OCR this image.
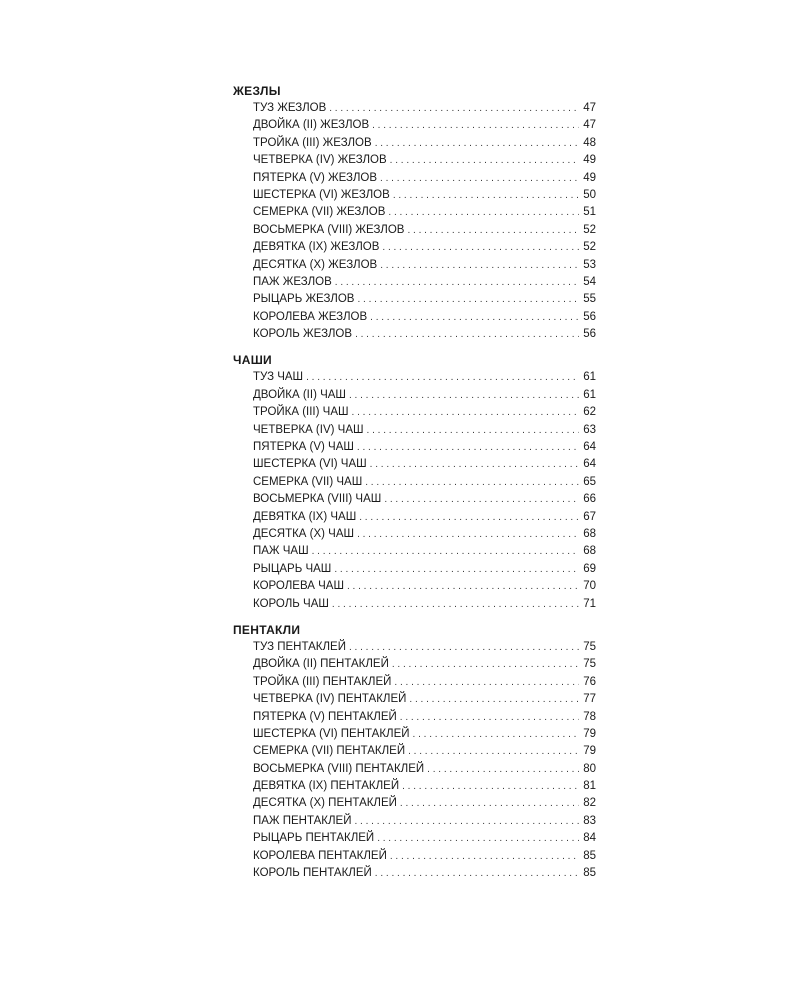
ЖЕЗЛЫ
ТУЗ ЖЕЗЛОВ . . .	47
ДВОЙКА (II) ЖЕЗЛОВ . . .	47
ТРОЙКА (III) ЖЕЗЛОВ . . .	48
ЧЕТВЕРКА (IV) ЖЕЗЛОВ . . .	49
ПЯТЕРКА (V) ЖЕЗЛОВ . . .	49
ШЕСТЕРКА (VI) ЖЕЗЛОВ . . .	50
СЕМЕРКА (VII) ЖЕЗЛОВ . . .	51
ВОСЬМЕРКА (VIII) ЖЕЗЛОВ . . .	52
ДЕВЯТКА (IX) ЖЕЗЛОВ . . .	52
ДЕСЯТКА (X) ЖЕЗЛОВ . . .	53
ПАЖ ЖЕЗЛОВ . . .	54
РЫЦАРЬ ЖЕЗЛОВ . . .	55
КОРОЛЕВА ЖЕЗЛОВ . . .	56
КОРОЛЬ ЖЕЗЛОВ . . .	56
ЧАШИ
ТУЗ ЧАШ . . .	61
ДВОЙКА (II) ЧАШ . . .	61
ТРОЙКА (III) ЧАШ . . .	62
ЧЕТВЕРКА (IV) ЧАШ . . .	63
ПЯТЕРКА (V) ЧАШ . . .	64
ШЕСТЕРКА (VI) ЧАШ . . .	64
СЕМЕРКА (VII) ЧАШ . . .	65
ВОСЬМЕРКА (VIII) ЧАШ . . .	66
ДЕВЯТКА (IX) ЧАШ . . .	67
ДЕСЯТКА (X) ЧАШ . . .	68
ПАЖ ЧАШ . . .	68
РЫЦАРЬ ЧАШ . . .	69
КОРОЛЕВА ЧАШ . . .	70
КОРОЛЬ ЧАШ . . .	71
ПЕНТАКЛИ
ТУЗ ПЕНТАКЛЕЙ . . .	75
ДВОЙКА (II) ПЕНТАКЛЕЙ . . .	75
ТРОЙКА (III) ПЕНТАКЛЕЙ . . .	76
ЧЕТВЕРКА (IV) ПЕНТАКЛЕЙ . . .	77
ПЯТЕРКА (V) ПЕНТАКЛЕЙ . . .	78
ШЕСТЕРКА (VI) ПЕНТАКЛЕЙ . . .	79
СЕМЕРКА (VII) ПЕНТАКЛЕЙ . . .	79
ВОСЬМЕРКА (VIII) ПЕНТАКЛЕЙ . . .	80
ДЕВЯТКА (IX) ПЕНТАКЛЕЙ . . .	81
ДЕСЯТКА (X) ПЕНТАКЛЕЙ . . .	82
ПАЖ ПЕНТАКЛЕЙ . . .	83
РЫЦАРЬ ПЕНТАКЛЕЙ . . .	84
КОРОЛЕВА ПЕНТАКЛЕЙ . . .	85
КОРОЛЬ ПЕНТАКЛЕЙ . . .	85
